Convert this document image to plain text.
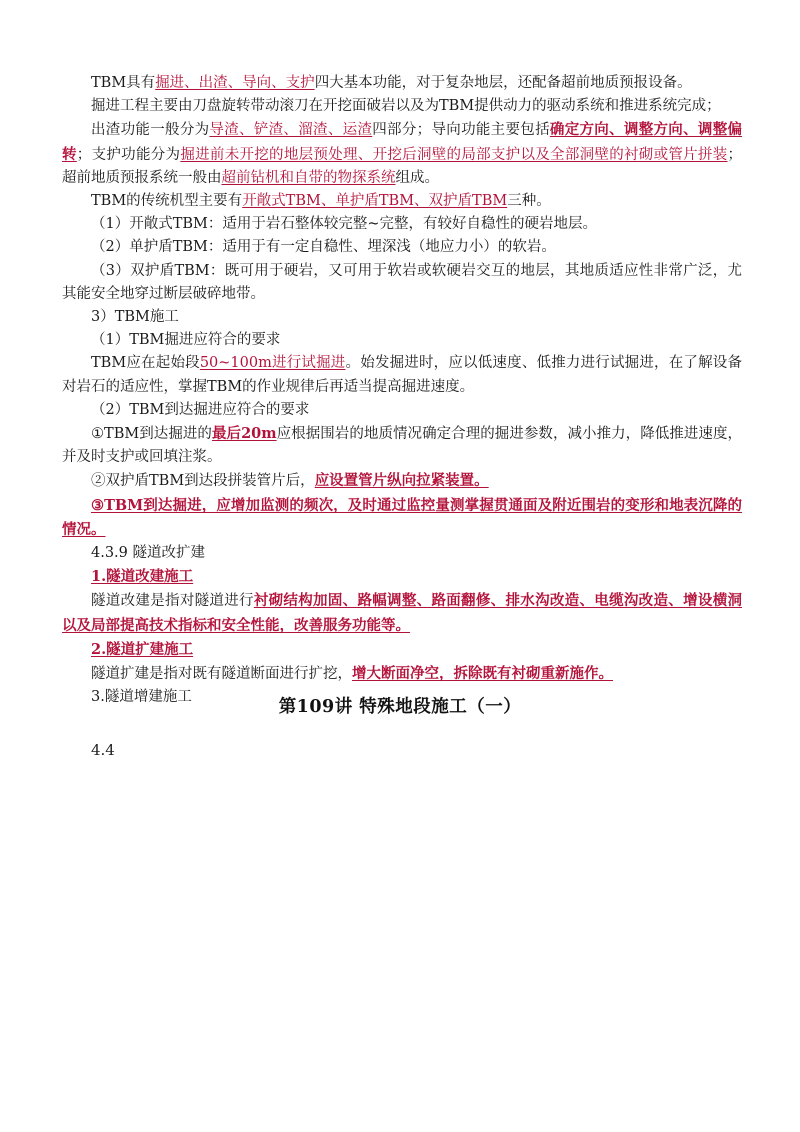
TBM具有掘进、出渣、导向、支护四大基本功能，对于复杂地层，还配备超前地质预报设备。

掘进工程主要由刀盘旋转带动滚刀在开挖面破岩以及为TBM提供动力的驱动系统和推进系统完成；

出渣功能一般分为导渣、铲渣、溜渣、运渣四部分；导向功能主要包括确定方向、调整方向、调整偏转；支护功能分为掘进前未开挖的地层预处理、开挖后洞壁的局部支护以及全部洞壁的衬砌或管片拼装；超前地质预报系统一般由超前钻机和自带的物探系统组成。

TBM的传统机型主要有开敞式TBM、单护盾TBM、双护盾TBM三种。

（1）开敞式TBM：适用于岩石整体较完整~完整，有较好自稳性的硬岩地层。

（2）单护盾TBM：适用于有一定自稳性、埋深浅（地应力小）的软岩。

（3）双护盾TBM：既可用于硬岩，又可用于软岩或软硬岩交互的地层，其地质适应性非常广泛，尤其能安全地穿过断层破碎地带。

3）TBM施工

（1）TBM掘进应符合的要求

TBM应在起始段50~100m进行试掘进。始发掘进时，应以低速度、低推力进行试掘进，在了解设备对岩石的适应性，掌握TBM的作业规律后再适当提高掘进速度。

（2）TBM到达掘进应符合的要求

①TBM到达掘进的最后20m应根据围岩的地质情况确定合理的掘进参数，减小推力，降低推进速度，并及时支护或回填注浆。

②双护盾TBM到达段拼装管片后，应设置管片纵向拉紧装置。

③TBM到达掘进，应增加监测的频次，及时通过监控量测掌握贯通面及附近围岩的变形和地表沉降的情况。

4.3.9 隧道改扩建

1.隧道改建施工

隧道改建是指对隧道进行衬砌结构加固、路幅调整、路面翻修、排水沟改造、电缆沟改造、增设横洞以及局部提高技术指标和安全性能，改善服务功能等。

2.隧道扩建施工

隧道扩建是指对既有隧道断面进行扩挖，增大断面净空，拆除既有衬砌重新施作。

3.隧道增建施工	第109讲 特殊地段施工（一）
4.4
